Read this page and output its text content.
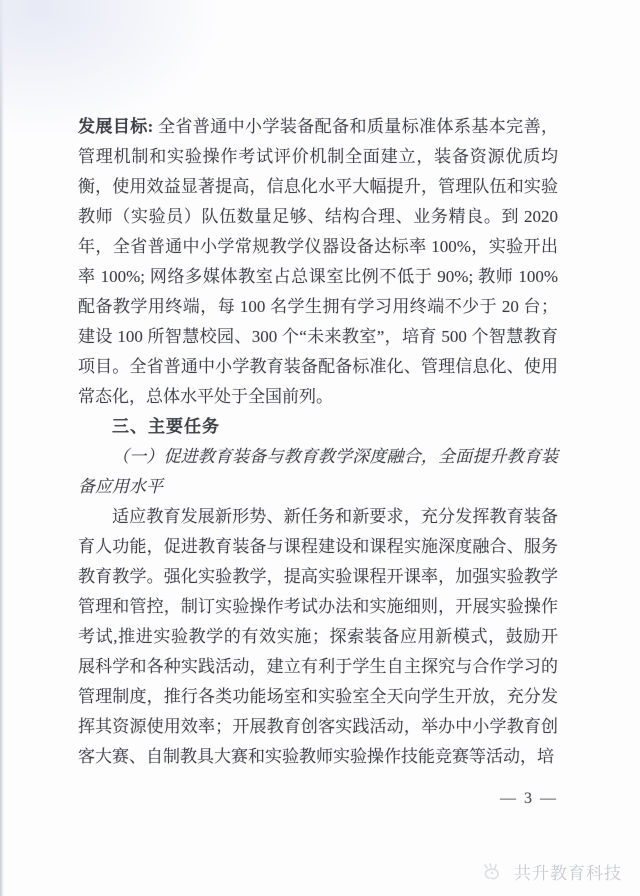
发展目标: 全省普通中小学装备配备和质量标准体系基本完善，管理机制和实验操作考试评价机制全面建立，装备资源优质均衡，使用效益显著提高，信息化水平大幅提升，管理队伍和实验教师（实验员）队伍数量足够、结构合理、业务精良。到 2020 年，全省普通中小学常规教学仪器设备达标率 100%，实验开出率 100%; 网络多媒体教室占总课室比例不低于 90%; 教师 100% 配备教学用终端，每 100 名学生拥有学习用终端不少于 20 台；建设 100 所智慧校园、300 个“未来教室”，培育 500 个智慧教育项目。全省普通中小学教育装备配备标准化、管理信息化、使用常态化，总体水平处于全国前列。

三、主要任务

（一）促进教育装备与教育教学深度融合，全面提升教育装备应用水平

适应教育发展新形势、新任务和新要求，充分发挥教育装备育人功能，促进教育装备与课程建设和课程实施深度融合、服务教育教学。强化实验教学，提高实验课程开课率，加强实验教学管理和管控，制订实验操作考试办法和实施细则，开展实验操作考试,推进实验教学的有效实施；探索装备应用新模式，鼓励开展科学和各种实践活动，建立有利于学生自主探究与合作学习的管理制度，推行各类功能场室和实验室全天向学生开放，充分发挥其资源使用效率；开展教育创客实践活动，举办中小学教育创客大赛、自制教具大赛和实验教师实验操作技能竞赛等活动，培

— 3 —

共升教育科技
